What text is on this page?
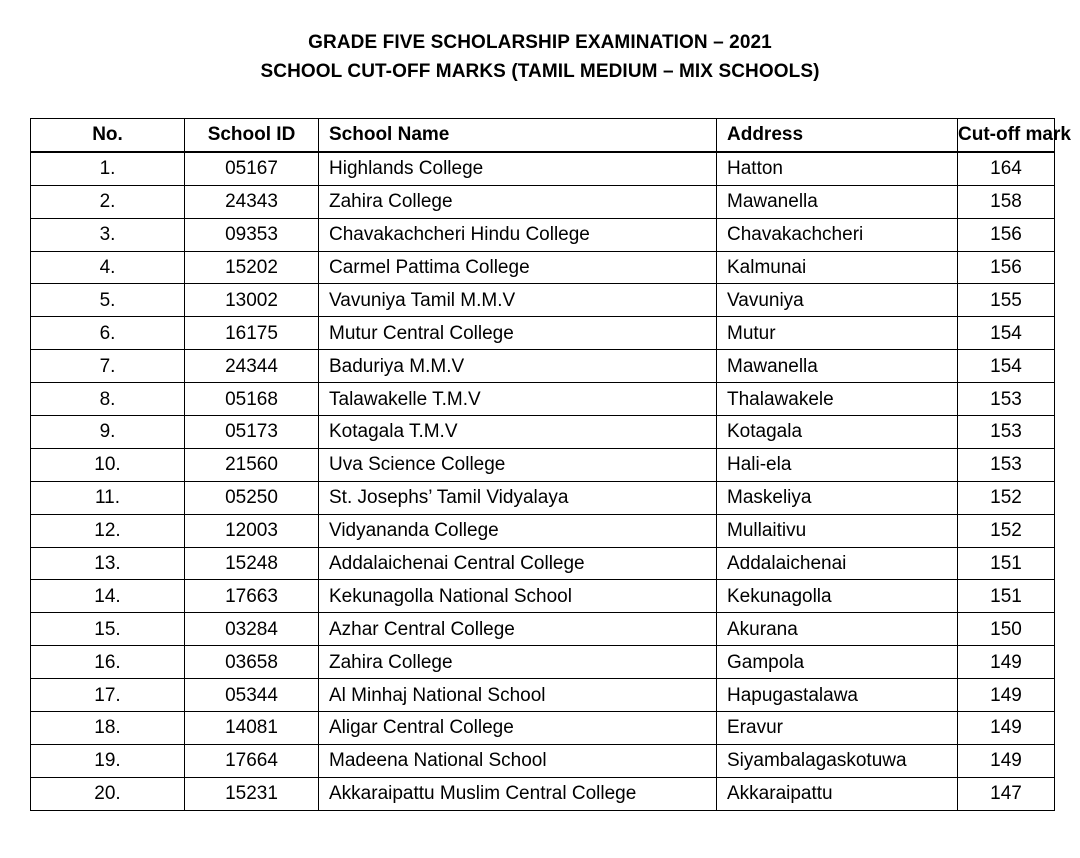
GRADE FIVE SCHOLARSHIP EXAMINATION – 2021
SCHOOL CUT-OFF MARKS (TAMIL MEDIUM – MIX SCHOOLS)
No.	School ID	School Name	Address	Cut-off mark
1.	05167	Highlands College	Hatton	164
2.	24343	Zahira College	Mawanella	158
3.	09353	Chavakachcheri Hindu College	Chavakachcheri	156
4.	15202	Carmel Pattima College	Kalmunai	156
5.	13002	Vavuniya Tamil M.M.V	Vavuniya	155
6.	16175	Mutur Central College	Mutur	154
7.	24344	Baduriya M.M.V	Mawanella	154
8.	05168	Talawakelle T.M.V	Thalawakele	153
9.	05173	Kotagala T.M.V	Kotagala	153
10.	21560	Uva Science College	Hali-ela	153
11.	05250	St. Josephs’ Tamil Vidyalaya	Maskeliya	152
12.	12003	Vidyananda College	Mullaitivu	152
13.	15248	Addalaichenai Central College	Addalaichenai	151
14.	17663	Kekunagolla National School	Kekunagolla	151
15.	03284	Azhar Central College	Akurana	150
16.	03658	Zahira College	Gampola	149
17.	05344	Al Minhaj National School	Hapugastalawa	149
18.	14081	Aligar Central College	Eravur	149
19.	17664	Madeena National School	Siyambalagaskotuwa	149
20.	15231	Akkaraipattu Muslim Central College	Akkaraipattu	147
